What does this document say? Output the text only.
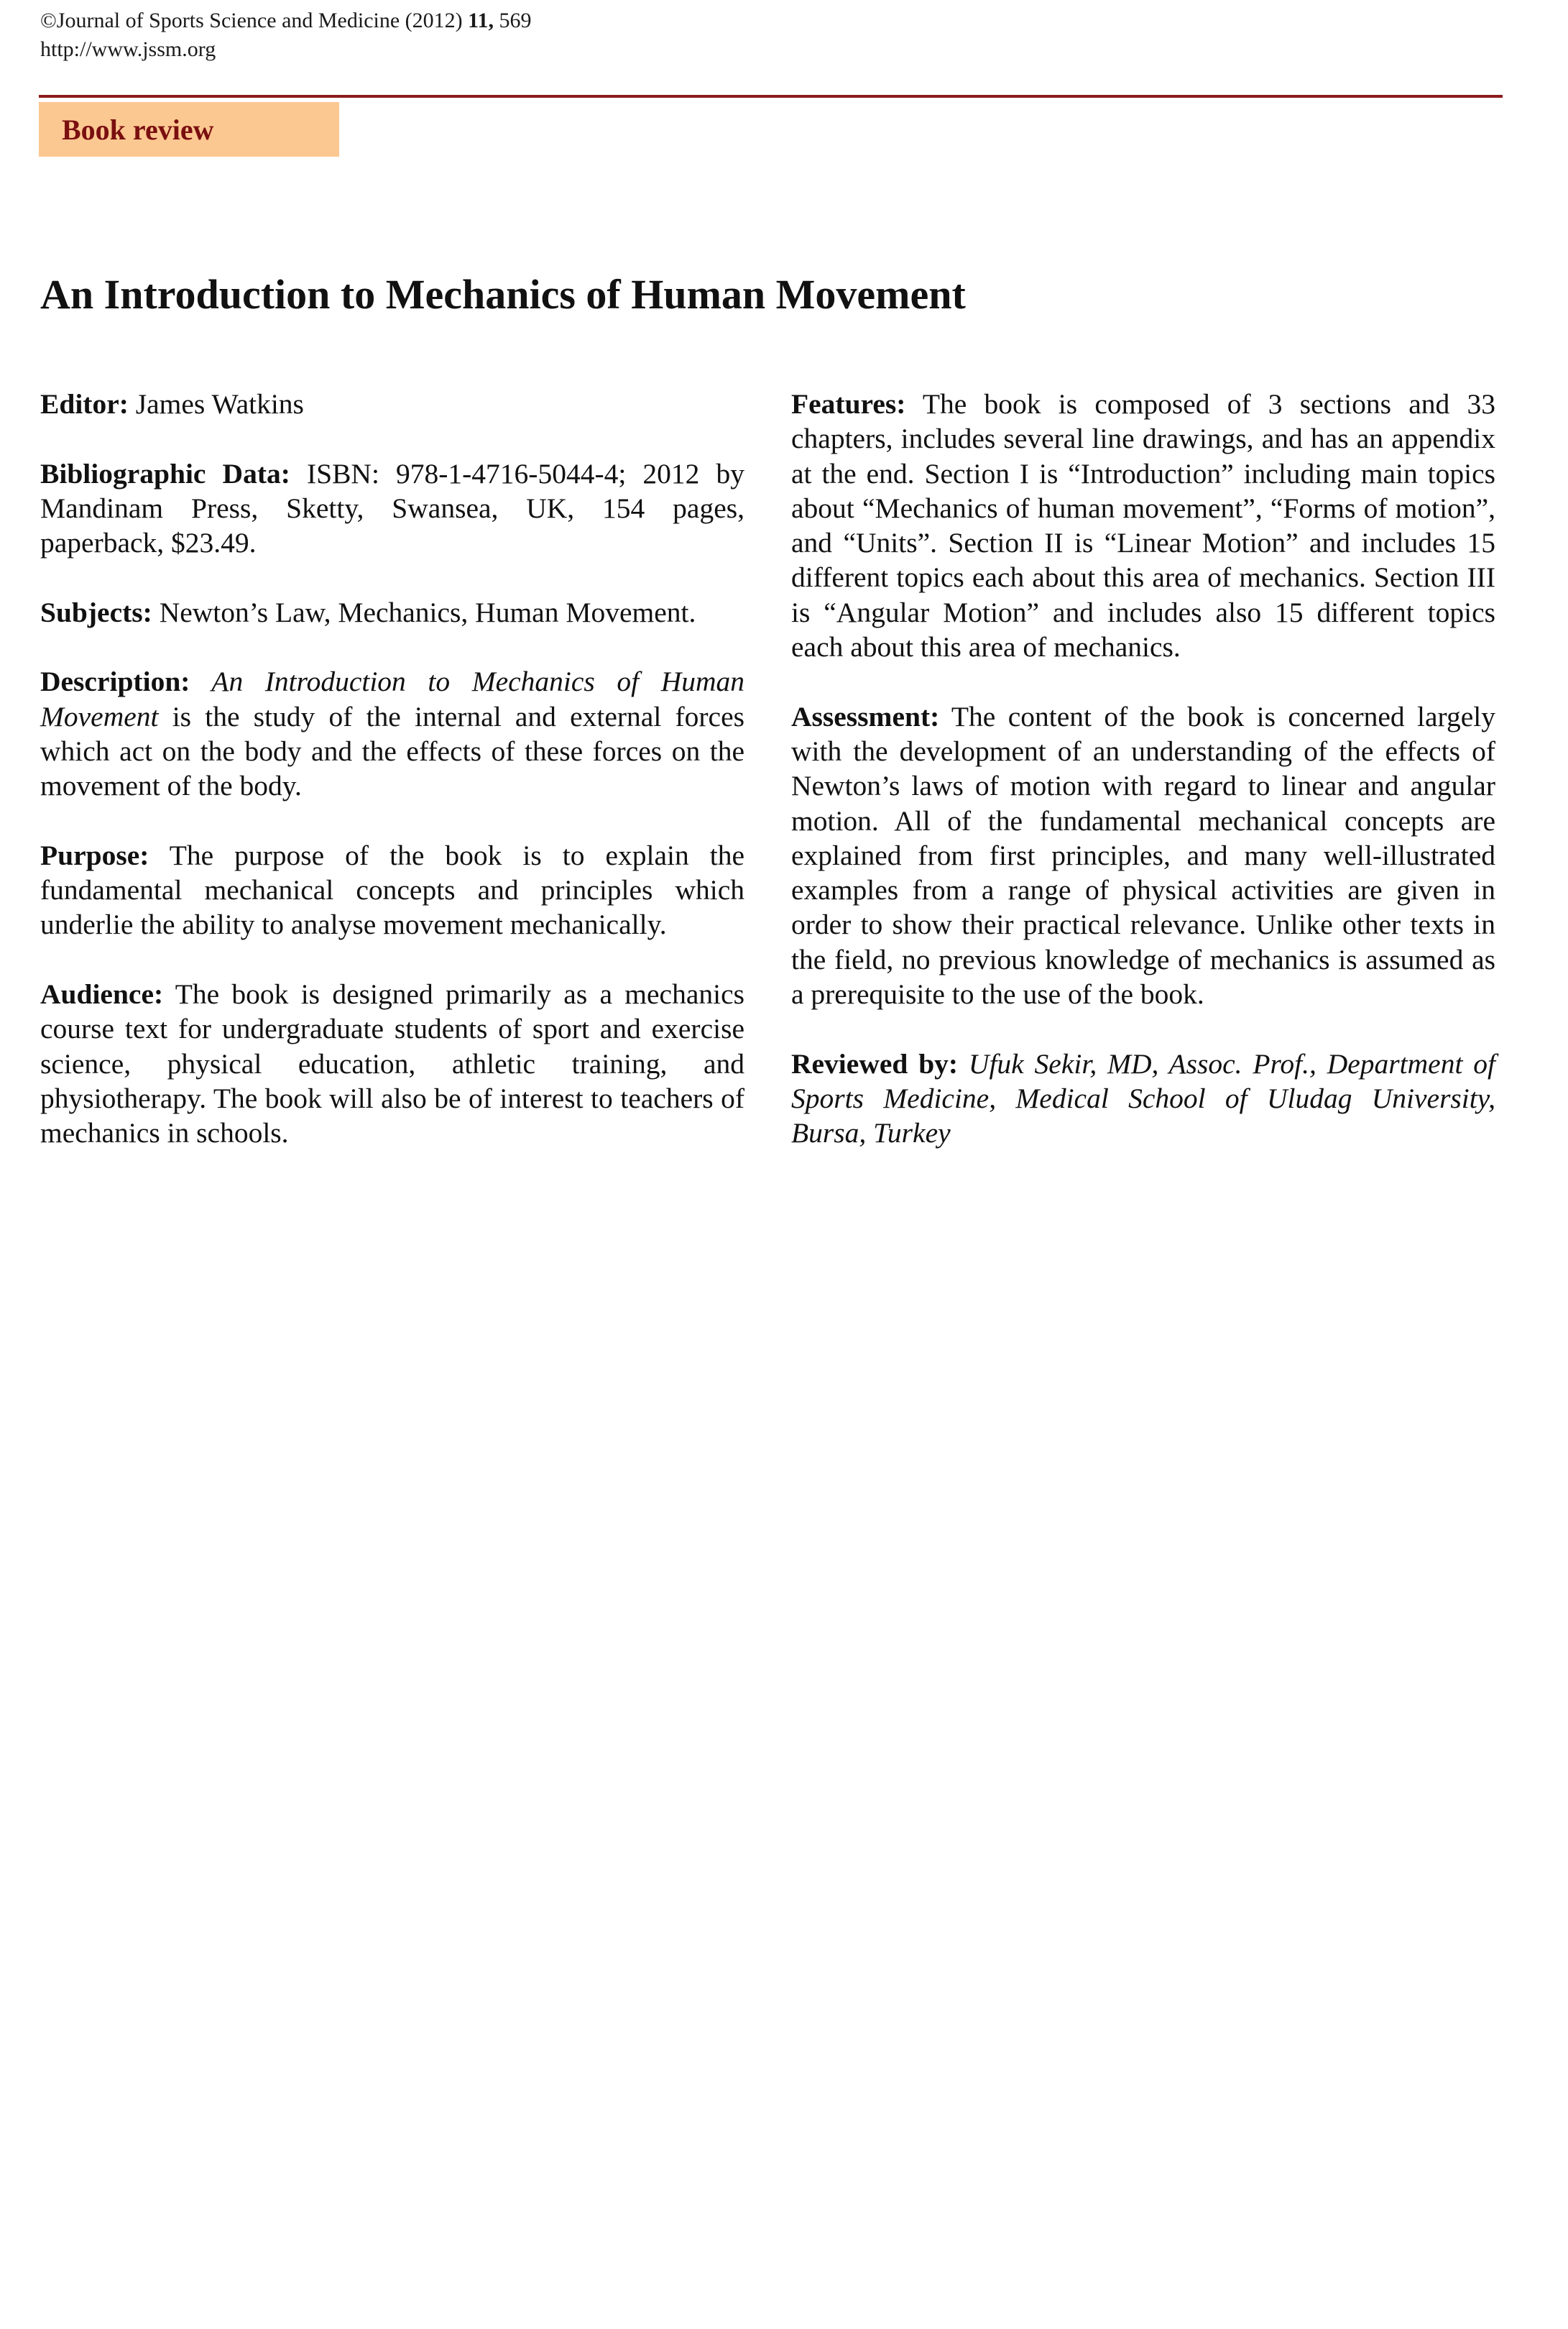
©Journal of Sports Science and Medicine (2012) 11, 569
http://www.jssm.org
Book review
An Introduction to Mechanics of Human Movement

Editor: James Watkins

Bibliographic Data: ISBN: 978-1-4716-5044-4; 2012 by Mandinam Press, Sketty, Swansea, UK, 154 pages, paperback, $23.49.

Subjects: Newton’s Law, Mechanics, Human Movement.

Description: An Introduction to Mechanics of Human Movement is the study of the internal and external forces which act on the body and the effects of these forces on the movement of the body.

Purpose: The purpose of the book is to explain the fundamental mechanical concepts and principles which underlie the ability to analyse movement mechanically.

Audience: The book is designed primarily as a mechanics course text for undergraduate students of sport and exercise science, physical education, athletic training, and physiotherapy. The book will also be of interest to teachers of mechanics in schools.

Features: The book is composed of 3 sections and 33 chapters, includes several line drawings, and has an appendix at the end. Section I is “Introduction” including main topics about “Mechanics of human movement”, “Forms of motion”, and “Units”. Section II is “Linear Motion” and includes 15 different topics each about this area of mechanics. Section III is “Angular Motion” and includes also 15 different topics each about this area of mechanics.

Assessment: The content of the book is concerned largely with the development of an understanding of the effects of Newton’s laws of motion with regard to linear and angular motion. All of the fundamental mechanical concepts are explained from first principles, and many well-illustrated examples from a range of physical activities are given in order to show their practical relevance. Unlike other texts in the field, no previous knowledge of mechanics is assumed as a prerequisite to the use of the book.

Reviewed by: Ufuk Sekir, MD, Assoc. Prof., Department of Sports Medicine, Medical School of Uludag University, Bursa, Turkey
